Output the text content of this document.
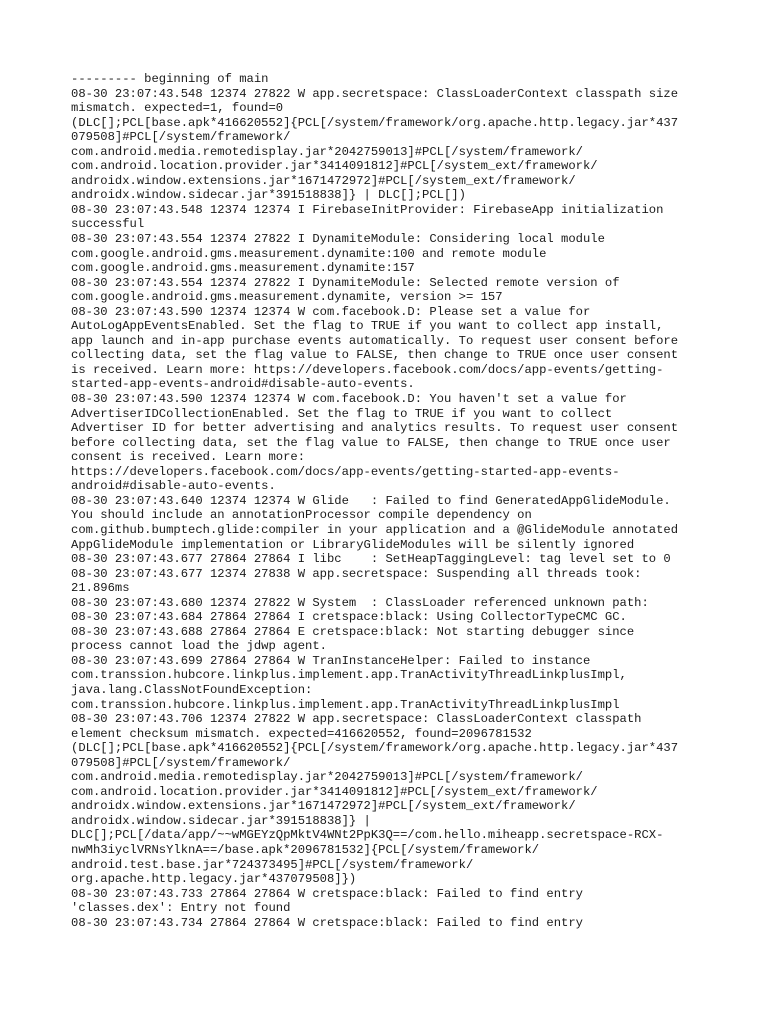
--------- beginning of main
08-30 23:07:43.548 12374 27822 W app.secretspace: ClassLoaderContext classpath size
mismatch. expected=1, found=0
(DLC[];PCL[base.apk*416620552]{PCL[/system/framework/org.apache.http.legacy.jar*437
079508]#PCL[/system/framework/
com.android.media.remotedisplay.jar*2042759013]#PCL[/system/framework/
com.android.location.provider.jar*3414091812]#PCL[/system_ext/framework/
androidx.window.extensions.jar*1671472972]#PCL[/system_ext/framework/
androidx.window.sidecar.jar*391518838]} | DLC[];PCL[])
08-30 23:07:43.548 12374 12374 I FirebaseInitProvider: FirebaseApp initialization
successful
08-30 23:07:43.554 12374 27822 I DynamiteModule: Considering local module
com.google.android.gms.measurement.dynamite:100 and remote module
com.google.android.gms.measurement.dynamite:157
08-30 23:07:43.554 12374 27822 I DynamiteModule: Selected remote version of
com.google.android.gms.measurement.dynamite, version >= 157
08-30 23:07:43.590 12374 12374 W com.facebook.D: Please set a value for
AutoLogAppEventsEnabled. Set the flag to TRUE if you want to collect app install,
app launch and in-app purchase events automatically. To request user consent before
collecting data, set the flag value to FALSE, then change to TRUE once user consent
is received. Learn more: https://developers.facebook.com/docs/app-events/getting-
started-app-events-android#disable-auto-events.
08-30 23:07:43.590 12374 12374 W com.facebook.D: You haven't set a value for
AdvertiserIDCollectionEnabled. Set the flag to TRUE if you want to collect
Advertiser ID for better advertising and analytics results. To request user consent
before collecting data, set the flag value to FALSE, then change to TRUE once user
consent is received. Learn more:
https://developers.facebook.com/docs/app-events/getting-started-app-events-
android#disable-auto-events.
08-30 23:07:43.640 12374 12374 W Glide   : Failed to find GeneratedAppGlideModule.
You should include an annotationProcessor compile dependency on
com.github.bumptech.glide:compiler in your application and a @GlideModule annotated
AppGlideModule implementation or LibraryGlideModules will be silently ignored
08-30 23:07:43.677 27864 27864 I libc    : SetHeapTaggingLevel: tag level set to 0
08-30 23:07:43.677 12374 27838 W app.secretspace: Suspending all threads took:
21.896ms
08-30 23:07:43.680 12374 27822 W System  : ClassLoader referenced unknown path:
08-30 23:07:43.684 27864 27864 I cretspace:black: Using CollectorTypeCMC GC.
08-30 23:07:43.688 27864 27864 E cretspace:black: Not starting debugger since
process cannot load the jdwp agent.
08-30 23:07:43.699 27864 27864 W TranInstanceHelper: Failed to instance
com.transsion.hubcore.linkplus.implement.app.TranActivityThreadLinkplusImpl,
java.lang.ClassNotFoundException:
com.transsion.hubcore.linkplus.implement.app.TranActivityThreadLinkplusImpl
08-30 23:07:43.706 12374 27822 W app.secretspace: ClassLoaderContext classpath
element checksum mismatch. expected=416620552, found=2096781532
(DLC[];PCL[base.apk*416620552]{PCL[/system/framework/org.apache.http.legacy.jar*437
079508]#PCL[/system/framework/
com.android.media.remotedisplay.jar*2042759013]#PCL[/system/framework/
com.android.location.provider.jar*3414091812]#PCL[/system_ext/framework/
androidx.window.extensions.jar*1671472972]#PCL[/system_ext/framework/
androidx.window.sidecar.jar*391518838]} |
DLC[];PCL[/data/app/~~wMGEYzQpMktV4WNt2PpK3Q==/com.hello.miheapp.secretspace-RCX-
nwMh3iyclVRNsYlknA==/base.apk*2096781532]{PCL[/system/framework/
android.test.base.jar*724373495]#PCL[/system/framework/
org.apache.http.legacy.jar*437079508]})
08-30 23:07:43.733 27864 27864 W cretspace:black: Failed to find entry
'classes.dex': Entry not found
08-30 23:07:43.734 27864 27864 W cretspace:black: Failed to find entry
